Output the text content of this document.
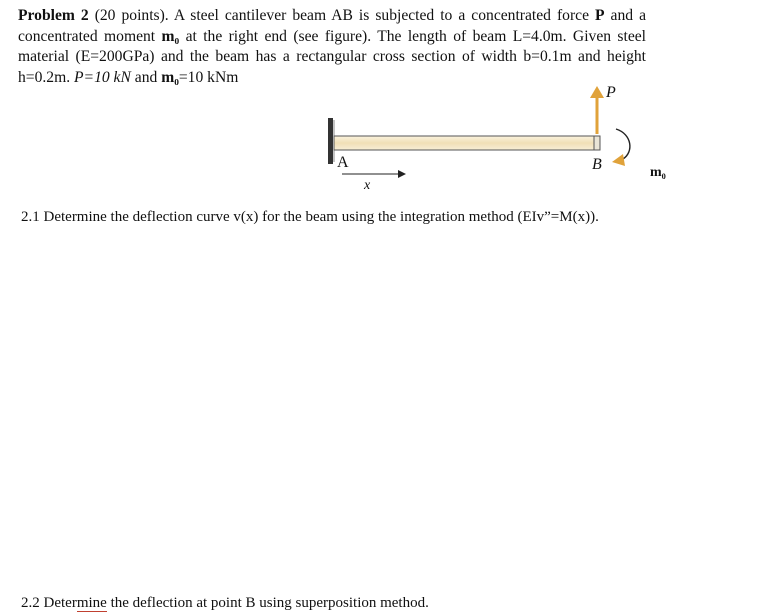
Problem 2 (20 points). A steel cantilever beam AB is subjected to a concentrated force P and a concentrated moment m₀ at the right end (see figure). The length of beam L=4.0m. Given steel material (E=200GPa) and the beam has a rectangular cross section of width b=0.1m and height h=0.2m. P=10 kN and m₀=10 kNm
P
A	B
x
m₀
2.1 Determine the deflection curve v(x) for the beam using the integration method (EIv”=M(x)).
2.2 Determine the deflection at point B using superposition method.
